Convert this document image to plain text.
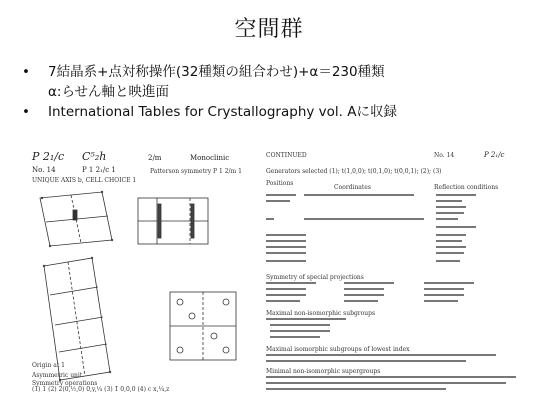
空間群
•	7結晶系+点対称操作(32種類の組合わせ)+α＝230種類
α:らせん軸と映進面
•	International Tables for Crystallography vol. Aに収録
P 2₁/c C⁵₂h	2/m	Monoclinic
No. 14	P 1 2₁/c 1	Patterson symmetry P 1 2/m 1
UNIQUE AXIS b, CELL CHOICE 1
Origin at 1
Asymmetric unit
Symmetry operations
(1) 1 (2) 2(0,½,0) 0,y,¼ (3) 1̄ 0,0,0 (4) c x,¼,z
CONTINUED	No. 14	P 2₁/c
Generators selected (1); t(1,0,0); t(0,1,0); t(0,0,1); (2); (3)
Positions
Coordinates	Reflection conditions
Symmetry of special projections
Maximal non-isomorphic subgroups
Maximal isomorphic subgroups of lowest index
Minimal non-isomorphic supergroups
